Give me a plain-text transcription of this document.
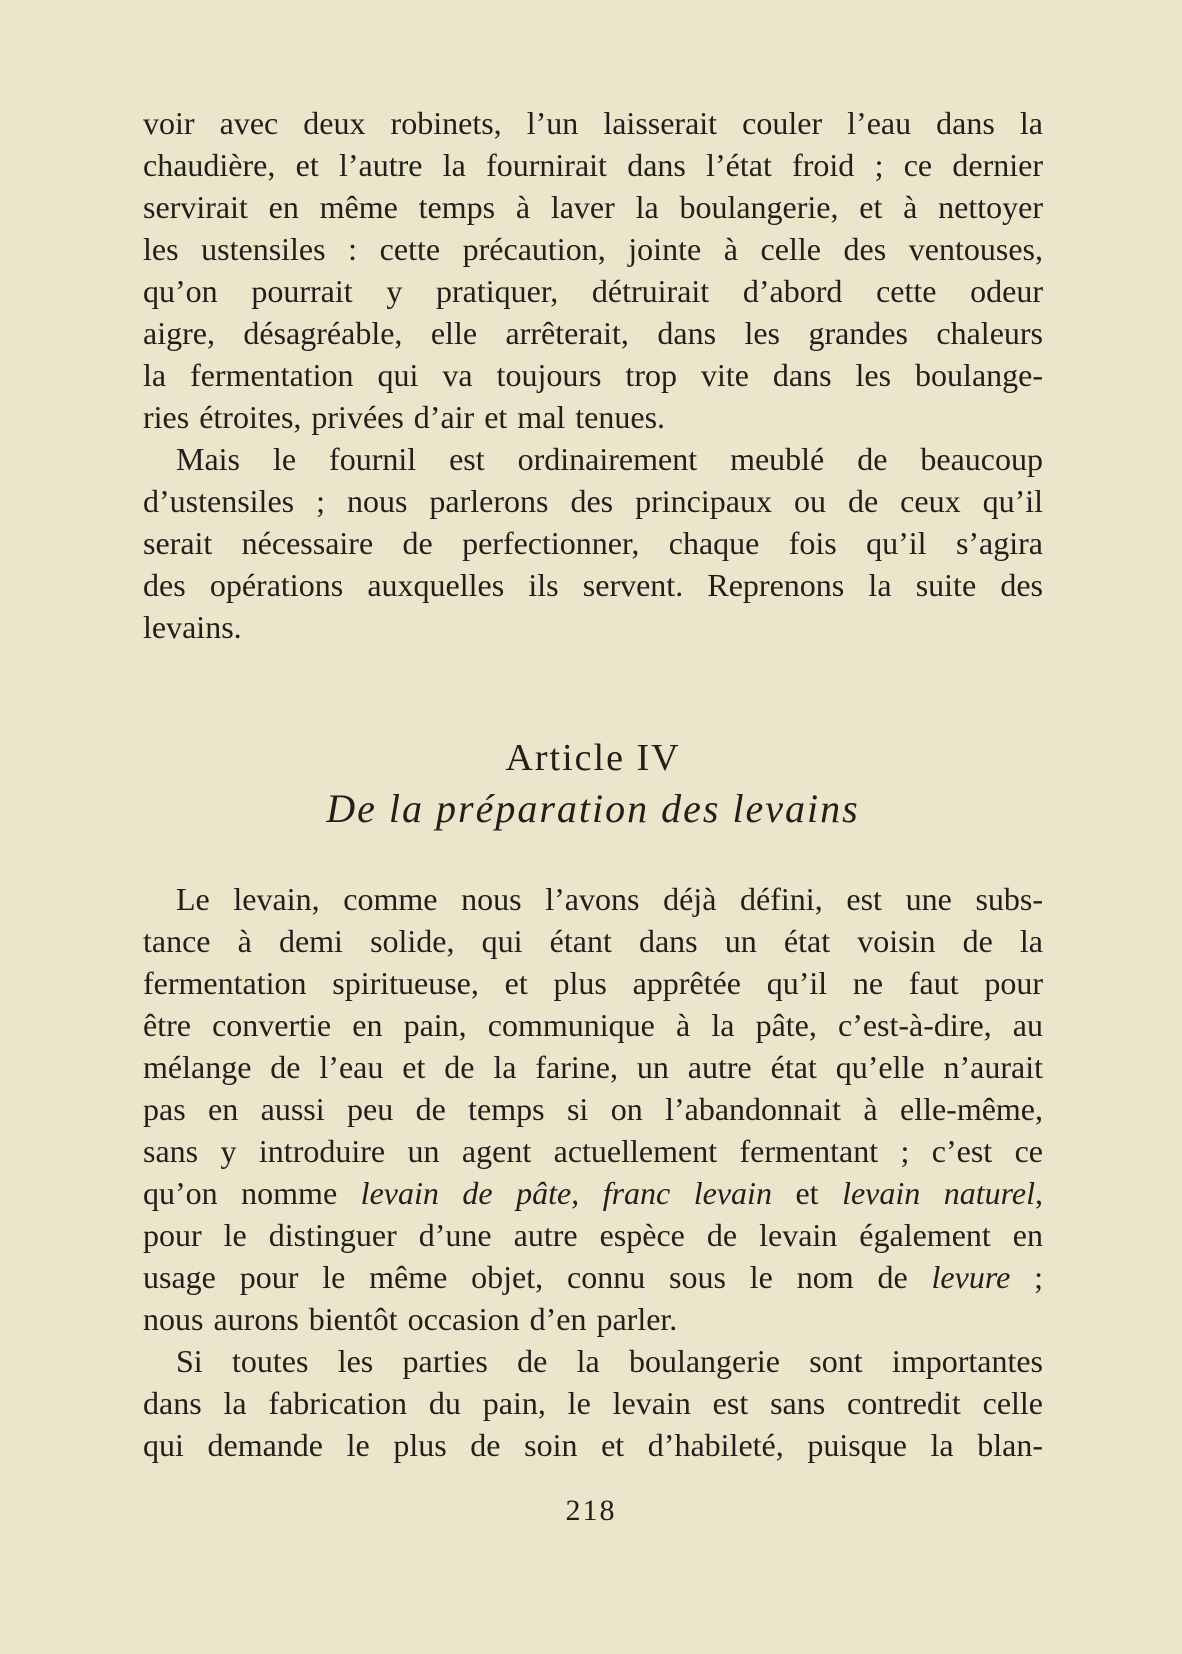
voir avec deux robinets, l’un laisserait couler l’eau dans la
chaudière, et l’autre la fournirait dans l’état froid ; ce dernier
servirait en même temps à laver la boulangerie, et à nettoyer
les ustensiles : cette précaution, jointe à celle des ventouses,
qu’on pourrait y pratiquer, détruirait d’abord cette odeur
aigre, désagréable, elle arrêterait, dans les grandes chaleurs
la fermentation qui va toujours trop vite dans les boulange-
ries étroites, privées d’air et mal tenues.
Mais le fournil est ordinairement meublé de beaucoup
d’ustensiles ; nous parlerons des principaux ou de ceux qu’il
serait nécessaire de perfectionner, chaque fois qu’il s’agira
des opérations auxquelles ils servent. Reprenons la suite des
levains.
Article IV
De la préparation des levains
Le levain, comme nous l’avons déjà défini, est une subs-
tance à demi solide, qui étant dans un état voisin de la
fermentation spiritueuse, et plus apprêtée qu’il ne faut pour
être convertie en pain, communique à la pâte, c’est-à-dire, au
mélange de l’eau et de la farine, un autre état qu’elle n’aurait
pas en aussi peu de temps si on l’abandonnait à elle-même,
sans y introduire un agent actuellement fermentant ; c’est ce
qu’on nomme levain de pâte, franc levain et levain naturel,
pour le distinguer d’une autre espèce de levain également en
usage pour le même objet, connu sous le nom de levure ;
nous aurons bientôt occasion d’en parler.
Si toutes les parties de la boulangerie sont importantes
dans la fabrication du pain, le levain est sans contredit celle
qui demande le plus de soin et d’habileté, puisque la blan-
218
